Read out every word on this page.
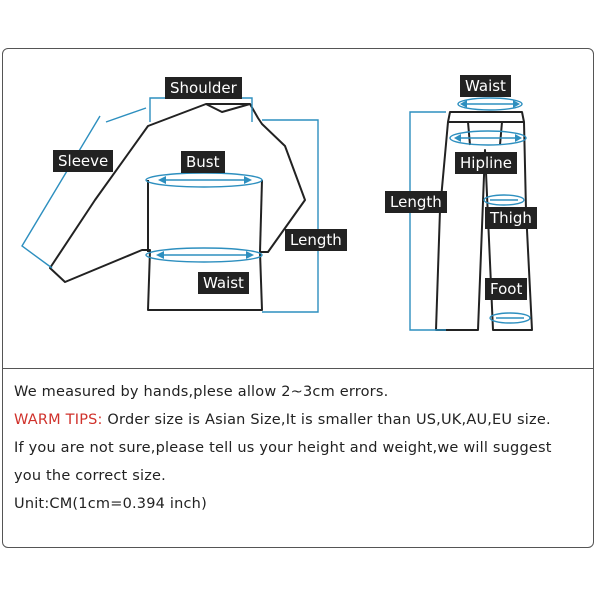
Shoulder
Sleeve	Bust
Length
Waist
Waist
Hipline
Length
Thigh
Foot

We measured by hands,plese allow 2~3cm errors.

WARM TIPS: Order size is Asian Size,It is smaller than US,UK,AU,EU size.

If you are not sure,please tell us your height and weight,we will suggest

you the correct size.

Unit:CM(1cm=0.394 inch)
